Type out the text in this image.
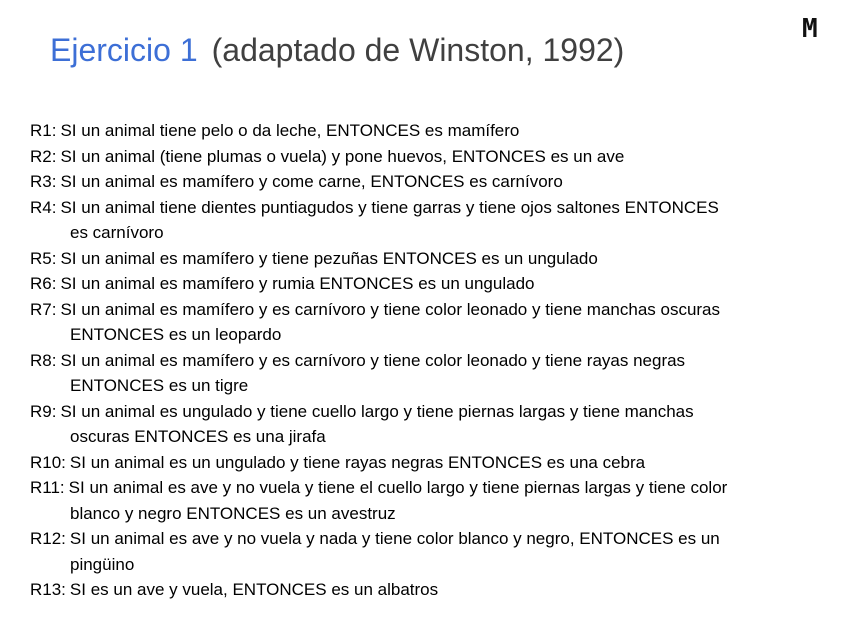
M
Ejercicio 1 (adaptado de Winston, 1992)
R1: SI un animal tiene pelo o da leche, ENTONCES es mamífero
R2: SI un animal (tiene plumas o vuela) y pone huevos, ENTONCES es un ave
R3: SI un animal es mamífero y come carne, ENTONCES es carnívoro
R4: SI un animal tiene dientes puntiagudos y tiene garras y tiene ojos saltones ENTONCES
es carnívoro
R5: SI un animal es mamífero y tiene pezuñas ENTONCES es un ungulado
R6: SI un animal es mamífero y rumia ENTONCES es un ungulado
R7: SI un animal es mamífero y es carnívoro y tiene color leonado y tiene manchas oscuras
ENTONCES es un leopardo
R8: SI un animal es mamífero y es carnívoro y tiene color leonado y tiene rayas negras
ENTONCES es un tigre
R9: SI un animal es ungulado y tiene cuello largo y tiene piernas largas y tiene manchas
oscuras ENTONCES es una jirafa
R10: SI un animal es un ungulado y tiene rayas negras ENTONCES es una cebra
R11: SI un animal es ave y no vuela y tiene el cuello largo y tiene piernas largas y tiene color
blanco y negro ENTONCES es un avestruz
R12: SI un animal es ave y no vuela y nada y tiene color blanco y negro, ENTONCES es un
pingüino
R13: SI es un ave y vuela, ENTONCES es un albatros
